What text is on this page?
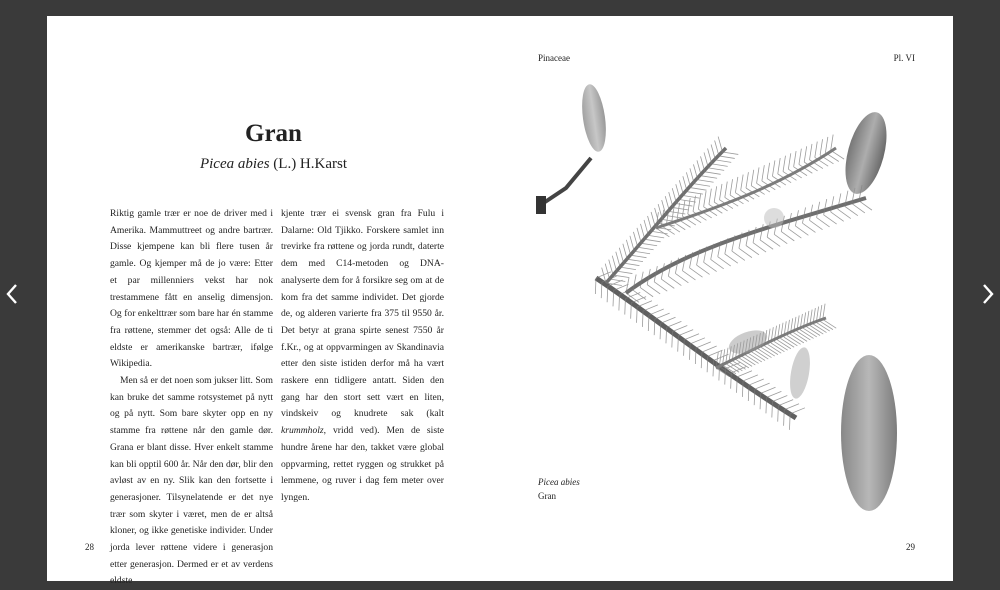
Gran
Picea abies (L.) H.Karst

Riktig gamle trær er noe de driver med i Amerika. Mammuttreet og andre bartrær. Disse kjempene kan bli flere tusen år gamle. Og kjemper må de jo være: Etter et par millenniers vekst har nok trestammene fått en anselig dimensjon. Og for enkelttrær som bare har én stamme fra røttene, stemmer det også: Alle de ti eldste er amerikanske bartrær, ifølge Wikipedia.

Men så er det noen som jukser litt. Som kan bruke det samme rotsystemet på nytt og på nytt. Som bare skyter opp en ny stamme fra røttene når den gamle dør. Grana er blant disse. Hver enkelt stamme kan bli opptil 600 år. Når den dør, blir den avløst av en ny. Slik kan den fortsette i generasjoner. Tilsynelatende er det nye trær som skyter i været, men de er altså kloner, og ikke genetiske individer. Under jorda lever røttene videre i generasjon etter generasjon. Dermed er et av verdens eldste

kjente trær ei svensk gran fra Fulu i Dalarne: Old Tjikko. Forskere samlet inn trevirke fra røttene og jorda rundt, daterte dem med C14-metoden og DNA-analyserte dem for å forsikre seg om at de kom fra det samme individet. Det gjorde de, og alderen varierte fra 375 til 9550 år. Det betyr at grana spirte senest 7550 år f.Kr., og at oppvarmingen av Skandinavia etter den siste istiden derfor må ha vært raskere enn tidligere antatt. Siden den gang har den stort sett vært en liten, vindskeiv og knudrete sak (kalt krummholz, vridd ved). Men de siste hundre årene har den, takket være global oppvarming, rettet ryggen og strukket på lemmene, og ruver i dag fem meter over lyngen.

28
Pinaceae	Pl. VI
Picea abies
Gran
29
